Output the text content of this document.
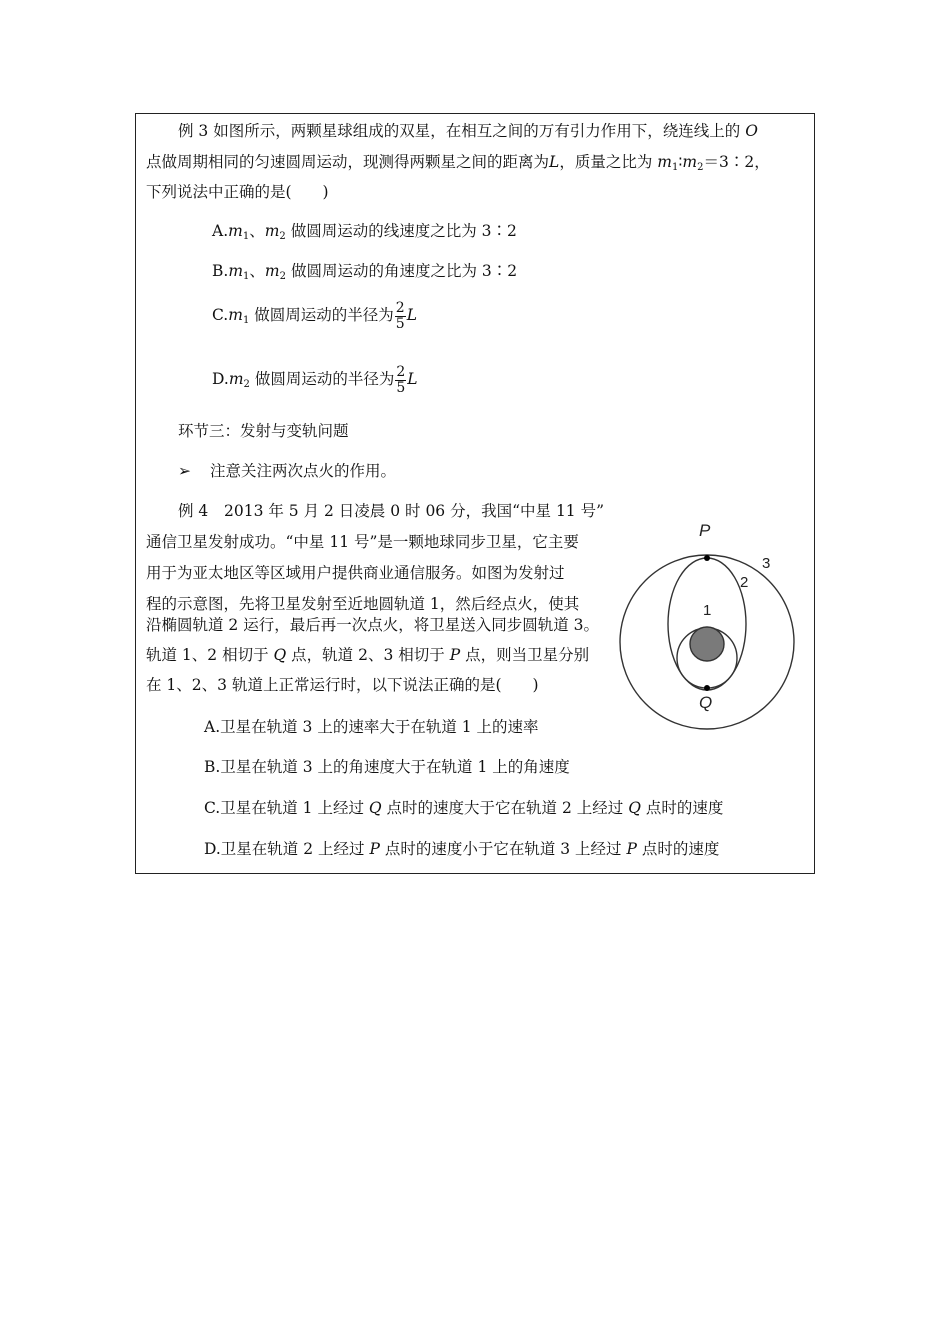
例 3 如图所示，两颗星球组成的双星，在相互之间的万有引力作用下，绕连线上的 O
点做周期相同的匀速圆周运动，现测得两颗星之间的距离为L，质量之比为 $m_1∶m_2=3∶2$，
下列说法中正确的是(　　)
$A.m_1$、$m_2$ 做圆周运动的线速度之比为 3∶2
$B.m_1$、$m_2$ 做圆周运动的角速度之比为 3∶2
$C.m_1$ 做圆周运动的半径为 $\frac{2}{5}$ L
$D.m_2$ 做圆周运动的半径为 $\frac{2}{5}$ L
环节三：发射与变轨问题
➢ 注意关注两次点火的作用。
例 4 2013 年 5 月 2 日凌晨 0 时 06 分，我国“中星 11 号”
通信卫星发射成功。“中星 11 号”是一颗地球同步卫星，它主要
用于为亚太地区等区域用户提供商业通信服务。如图为发射过
程的示意图，先将卫星发射至近地圆轨道 1，然后经点火，使其
沿椭圆轨道 2 运行，最后再一次点火，将卫星送入同步圆轨道 3。
轨道 1、2 相切于 Q 点，轨道 2、3 相切于 P 点，则当卫星分别
在 1、2、3 轨道上正常运行时，以下说法正确的是(　　)
A.卫星在轨道 3 上的速率大于在轨道 1 上的速率
B.卫星在轨道 3 上的角速度大于在轨道 1 上的角速度
C.卫星在轨道 1 上经过 Q 点时的速度大于它在轨道 2 上经过 Q 点时的速度
D.卫星在轨道 2 上经过 P 点时的速度小于它在轨道 3 上经过 P 点时的速度
P
Q
1
2
3
